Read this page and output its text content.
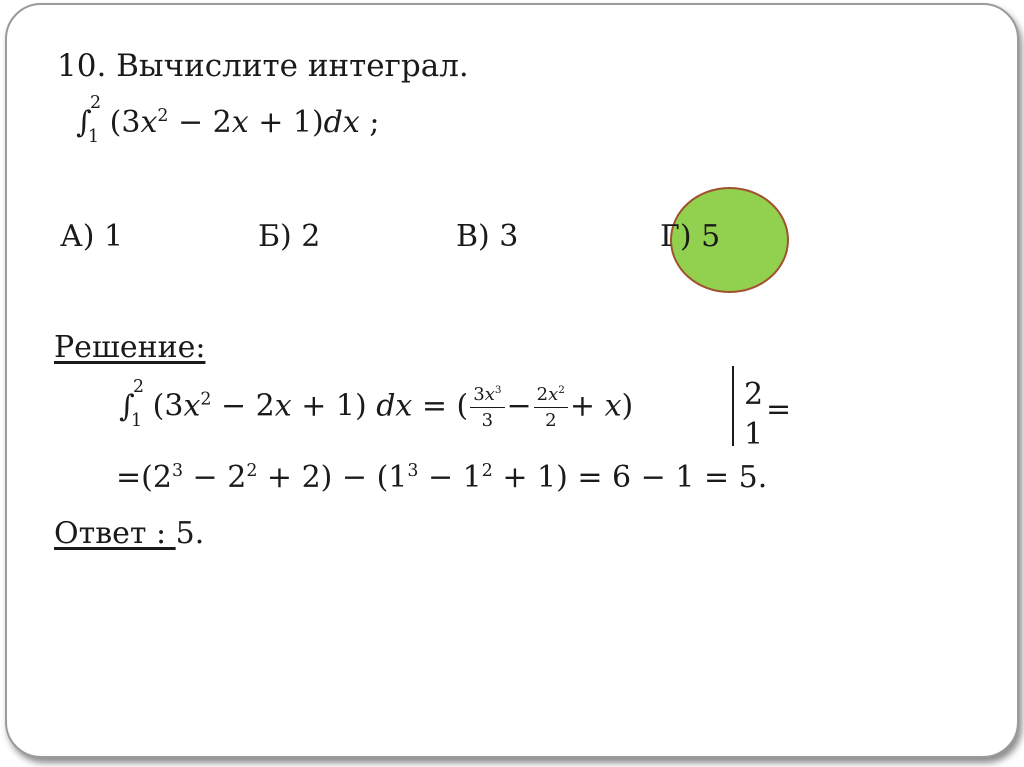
10. Вычислите интеграл.
∫
2
1 $(3x^2 - 2x + 1)dx$ ;
А) 1	Б) 2	В) 3	Г) 5
Решение:
∫
2
1 $(3x^2 - 2x + 1)$ dx = ( $\frac{3x^3}{3} - \frac{2x^2}{2} + x$)	2
1
=
$=(2^3 - 2^2 + 2) - (1^3 - 1^2 + 1) = 6 - 1 = 5$.
Ответ : 5.
